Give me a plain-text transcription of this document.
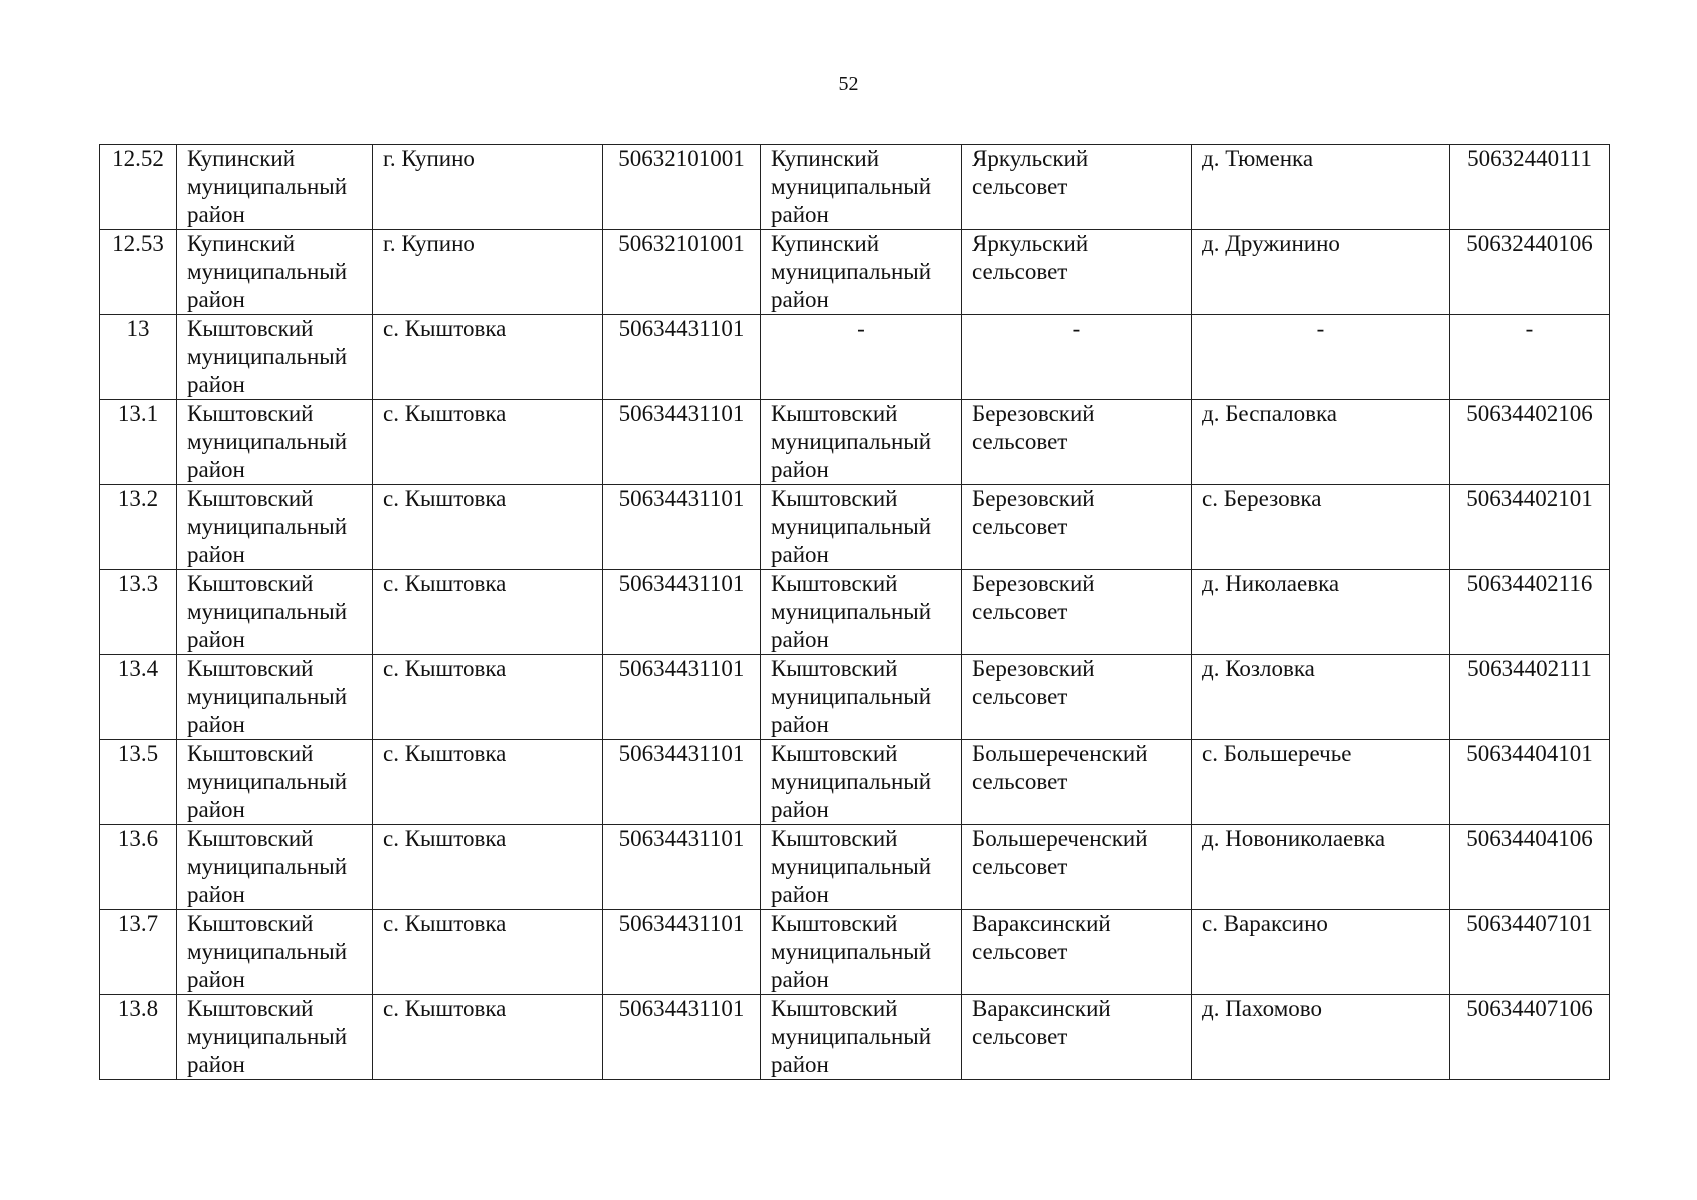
52
12.52	Купинский
муниципальный
район	г. Купино	50632101001	Купинский
муниципальный
район	Яркульский
сельсовет	д. Тюменка	50632440111

12.53	Купинский
муниципальный
район	г. Купино	50632101001	Купинский
муниципальный
район	Яркульский
сельсовет	д. Дружинино	50632440106

13	Кыштовский
муниципальный
район	с. Кыштовка	50634431101	-	-	-	-

13.1	Кыштовский
муниципальный
район	с. Кыштовка	50634431101	Кыштовский
муниципальный
район	Березовский
сельсовет	д. Беспаловка	50634402106

13.2	Кыштовский
муниципальный
район	с. Кыштовка	50634431101	Кыштовский
муниципальный
район	Березовский
сельсовет	с. Березовка	50634402101

13.3	Кыштовский
муниципальный
район	с. Кыштовка	50634431101	Кыштовский
муниципальный
район	Березовский
сельсовет	д. Николаевка	50634402116

13.4	Кыштовский
муниципальный
район	с. Кыштовка	50634431101	Кыштовский
муниципальный
район	Березовский
сельсовет	д. Козловка	50634402111

13.5	Кыштовский
муниципальный
район	с. Кыштовка	50634431101	Кыштовский
муниципальный
район	Большереченский
сельсовет	с. Большеречье	50634404101

13.6	Кыштовский
муниципальный
район	с. Кыштовка	50634431101	Кыштовский
муниципальный
район	Большереченский
сельсовет	д. Новониколаевка	50634404106

13.7	Кыштовский
муниципальный
район	с. Кыштовка	50634431101	Кыштовский
муниципальный
район	Вараксинский
сельсовет	с. Вараксино	50634407101

13.8	Кыштовский
муниципальный
район	с. Кыштовка	50634431101	Кыштовский
муниципальный
район	Вараксинский
сельсовет	д. Пахомово	50634407106
